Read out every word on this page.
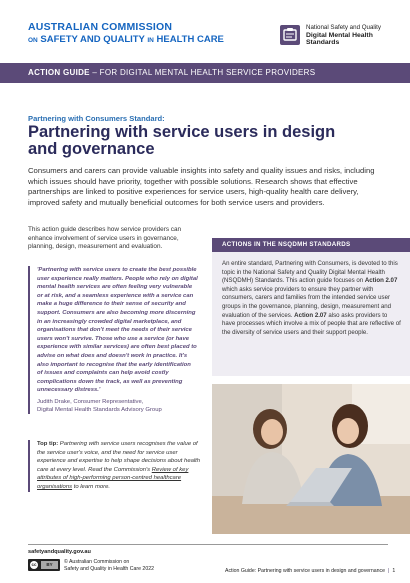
AUSTRALIAN COMMISSION
ON SAFETY AND QUALITY IN HEALTH CARE
National Safety and Quality
Digital Mental Health
Standards
ACTION GUIDE – FOR DIGITAL MENTAL HEALTH SERVICE PROVIDERS
Partnering with Consumers Standard:
Partnering with service users in design and governance

Consumers and carers can provide valuable insights into safety and quality issues and risks, including which issues should have priority, together with possible solutions. Research shows that effective partnerships are linked to positive experiences for service users, high-quality health care delivery, improved safety and mutually beneficial outcomes for both service users and providers.

This action guide describes how service providers can enhance involvement of service users in governance, planning, design, measurement and evaluation.

'Partnering with service users to create the best possible user experience really matters. People who rely on digital mental health services are often feeling very vulnerable or at risk, and a seamless experience with a service can make a huge difference to their sense of security and support. Consumers are also becoming more discerning in an increasingly crowded digital marketplace, and organisations that don't meet the needs of their service users won't survive. Those who use a service (or have experience with similar services) are often best placed to advise on what does and doesn't work in practice. It's also important to recognise that the early identification of issues and complaints can help avoid costly complications down the track, as well as preventing unnecessary distress.'

Judith Drake, Consumer Representative,
Digital Mental Health Standards Advisory Group

Top tip: Partnering with service users recognises the value of the service user's voice, and the need for service user experience and expertise to help shape decisions about health care at every level. Read the Commission's Review of key attributes of high-performing person-centred healthcare organisations to learn more.
ACTIONS IN THE NSQDMH STANDARDS

An entire standard, Partnering with Consumers, is devoted to this topic in the National Safety and Quality Digital Mental Health (NSQDMH) Standards. This action guide focuses on Action 2.07 which asks service providers to ensure they partner with consumers, carers and families from the intended service user groups in the governance, planning, design, measurement and evaluation of the services. Action 2.07 also asks providers to have processes which involve a mix of people that are reflective of the diversity of service users and their support people.

safetyandquality.gov.au
cc	BY	© Australian Commission on
Safety and Quality in Health Care 2022	Action Guide: Partnering with service users in design and governance | 1
